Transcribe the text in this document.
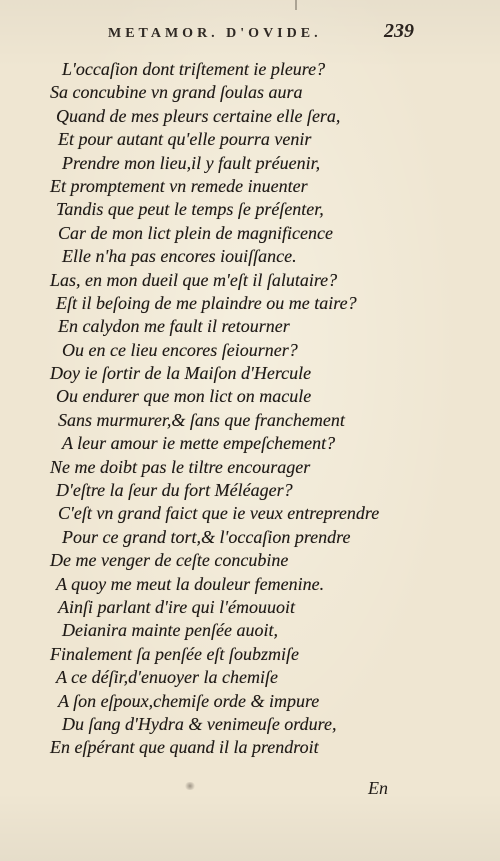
METAMOR. D'OVIDE.	239
L'occaſion dont triſtement ie pleure?
Sa concubine vn grand ſoulas aura
Quand de mes pleurs certaine elle ſera,
Et pour autant qu'elle pourra venir
Prendre mon lieu,il y fault préuenir,
Et promptement vn remede inuenter
Tandis que peut le temps ſe préſenter,
Car de mon lict plein de magnificence
Elle n'ha pas encores iouiſſance.
Las, en mon dueil que m'eſt il ſalutaire?
Eſt il beſoing de me plaindre ou me taire?
En calydon me fault il retourner
Ou en ce lieu encores ſeiourner?
Doy ie ſortir de la Maiſon d'Hercule
Ou endurer que mon lict on macule
Sans murmurer,& ſans que franchement
A leur amour ie mette empeſchement?
Ne me doibt pas le tiltre encourager
D'eſtre la ſeur du fort Méléager?
C'eſt vn grand faict que ie veux entreprendre
Pour ce grand tort,& l'occaſion prendre
De me venger de ceſte concubine
A quoy me meut la douleur femenine.
Ainſi parlant d'ire qui l'émouuoit
Deianira mainte penſée auoit,
Finalement ſa penſée eſt ſoubzmiſe
A ce déſir,d'enuoyer la chemiſe
A ſon eſpoux,chemiſe orde & impure
Du ſang d'Hydra & venimeuſe ordure,
En eſpérant que quand il la prendroit
En
